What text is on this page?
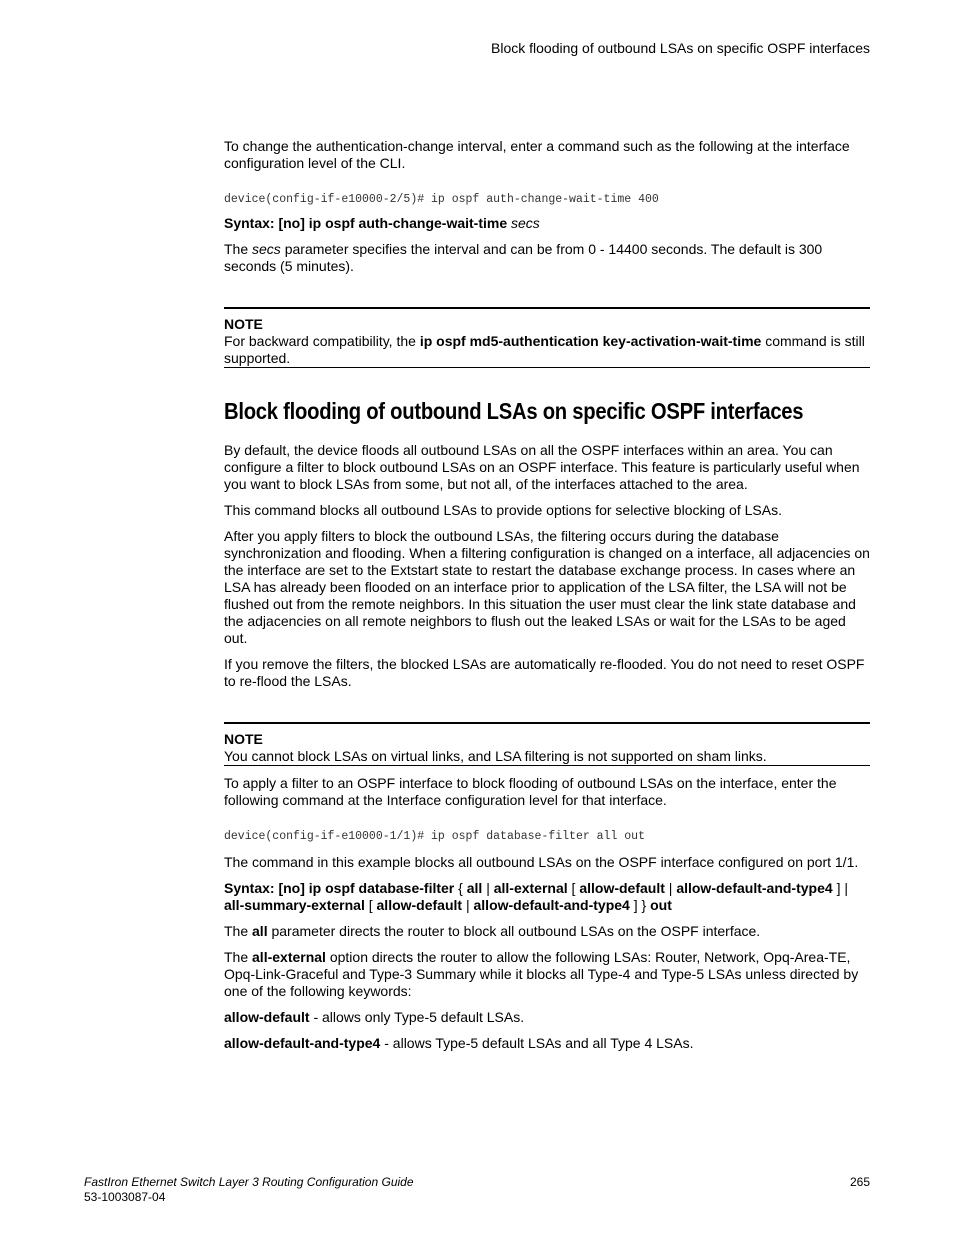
Block flooding of outbound LSAs on specific OSPF interfaces

To change the authentication-change interval, enter a command such as the following at the interface configuration level of the CLI.

device(config-if-e10000-2/5)# ip ospf auth-change-wait-time 400

Syntax: [no] ip ospf auth-change-wait-time secs

The secs parameter specifies the interval and can be from 0 - 14400 seconds. The default is 300 seconds (5 minutes).

NOTE

For backward compatibility, the ip ospf md5-authentication key-activation-wait-time command is still supported.

Block flooding of outbound LSAs on specific OSPF interfaces

By default, the device floods all outbound LSAs on all the OSPF interfaces within an area. You can configure a filter to block outbound LSAs on an OSPF interface. This feature is particularly useful when you want to block LSAs from some, but not all, of the interfaces attached to the area.

This command blocks all outbound LSAs to provide options for selective blocking of LSAs.

After you apply filters to block the outbound LSAs, the filtering occurs during the database synchronization and flooding. When a filtering configuration is changed on a interface, all adjacencies on the interface are set to the Extstart state to restart the database exchange process. In cases where an LSA has already been flooded on an interface prior to application of the LSA filter, the LSA will not be flushed out from the remote neighbors. In this situation the user must clear the link state database and the adjacencies on all remote neighbors to flush out the leaked LSAs or wait for the LSAs to be aged out.

If you remove the filters, the blocked LSAs are automatically re-flooded. You do not need to reset OSPF to re-flood the LSAs.

NOTE

You cannot block LSAs on virtual links, and LSA filtering is not supported on sham links.

To apply a filter to an OSPF interface to block flooding of outbound LSAs on the interface, enter the following command at the Interface configuration level for that interface.

device(config-if-e10000-1/1)# ip ospf database-filter all out

The command in this example blocks all outbound LSAs on the OSPF interface configured on port 1/1.

Syntax: [no] ip ospf database-filter { all | all-external [ allow-default | allow-default-and-type4 ] | all-summary-external [ allow-default | allow-default-and-type4 ] } out

The all parameter directs the router to block all outbound LSAs on the OSPF interface.

The all-external option directs the router to allow the following LSAs: Router, Network, Opq-Area-TE, Opq-Link-Graceful and Type-3 Summary while it blocks all Type-4 and Type-5 LSAs unless directed by one of the following keywords:

allow-default - allows only Type-5 default LSAs.

allow-default-and-type4 - allows Type-5 default LSAs and all Type 4 LSAs.

FastIron Ethernet Switch Layer 3 Routing Configuration Guide
53-1003087-04
265
